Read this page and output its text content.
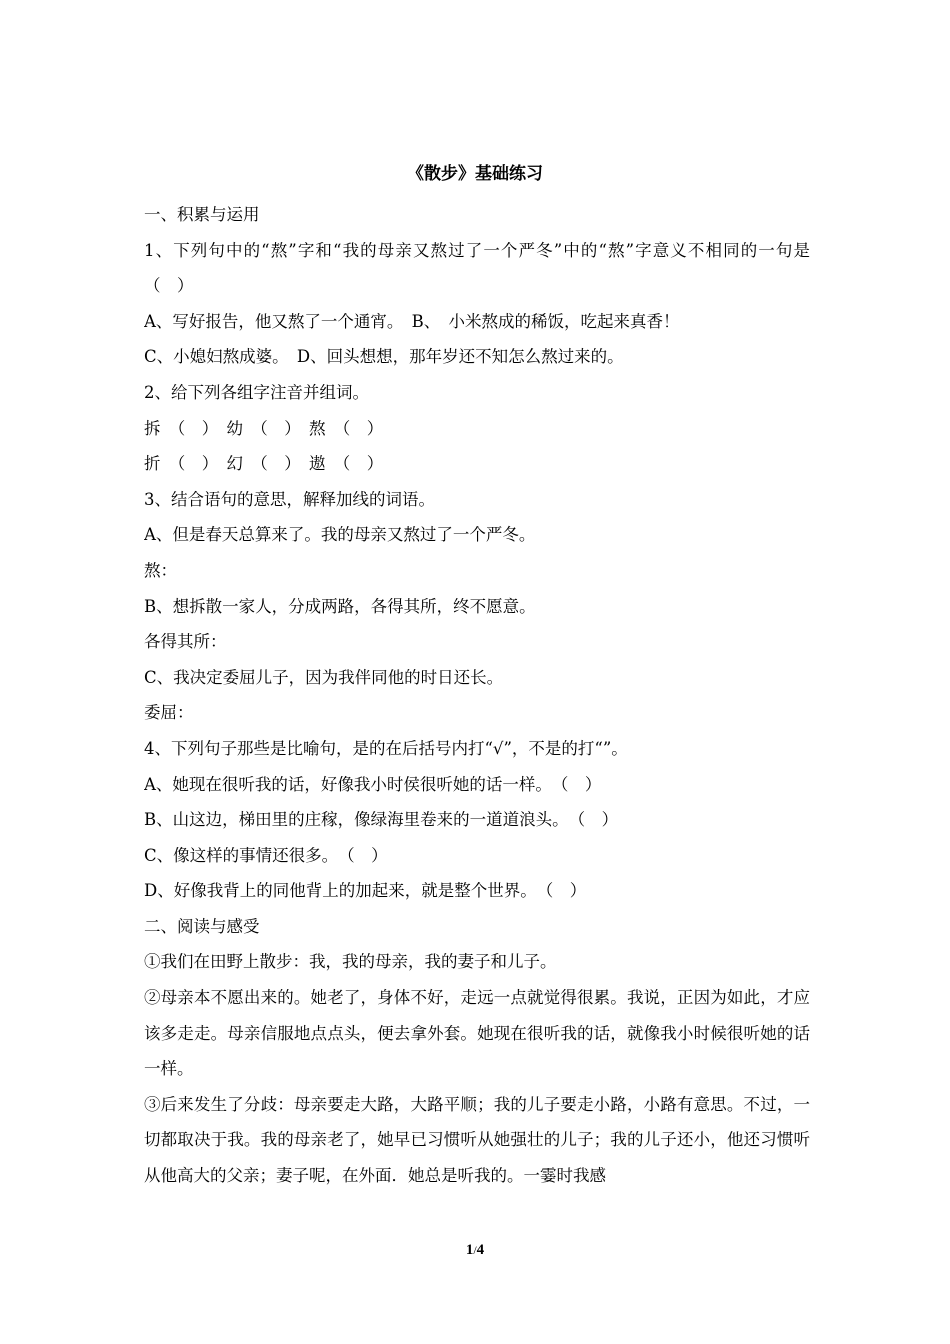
《散步》基础练习
一、积累与运用

1、下列句中的“熬”字和“我的母亲又熬过了一个严冬”中的“熬”字意义不相同的一句是　（　）

A、写好报告，他又熬了一个通宵。　B、　小米熬成的稀饭，吃起来真香！
C、小媳妇熬成婆。　D、回头想想，那年岁还不知怎么熬过来的。
2、给下列各组字注音并组词。
拆　（　）　幼　（　）　熬　（　）
折　（　）　幻　（　）　遨　（　）
3、结合语句的意思，解释加线的词语。
A、但是春天总算来了。我的母亲又熬过了一个严冬。
熬：
B、想拆散一家人，分成两路，各得其所，终不愿意。
各得其所：
C、我决定委屈儿子，因为我伴同他的时日还长。
委屈：
4、下列句子那些是比喻句，是的在后括号内打“√”，不是的打“”。
A、她现在很听我的话，好像我小时侯很听她的话一样。　（　）
B、山这边，梯田里的庄稼，像绿海里卷来的一道道浪头。　（　）
C、像这样的事情还很多。　（　）
D、好像我背上的同他背上的加起来，就是整个世界。　（　）
二、阅读与感受

①我们在田野上散步：我，我的母亲，我的妻子和儿子。

②母亲本不愿出来的。她老了，身体不好，走远一点就觉得很累。我说，正因为如此，才应该多走走。母亲信服地点点头，便去拿外套。她现在很听我的话，就像我小时候很听她的话一样。

③后来发生了分歧：母亲要走大路，大路平顺；我的儿子要走小路，小路有意思。不过，一切都取决于我。我的母亲老了，她早已习惯听从她强壮的儿子；我的儿子还小，他还习惯听从他高大的父亲；妻子呢，在外面．她总是听我的。一霎时我感

1/4
